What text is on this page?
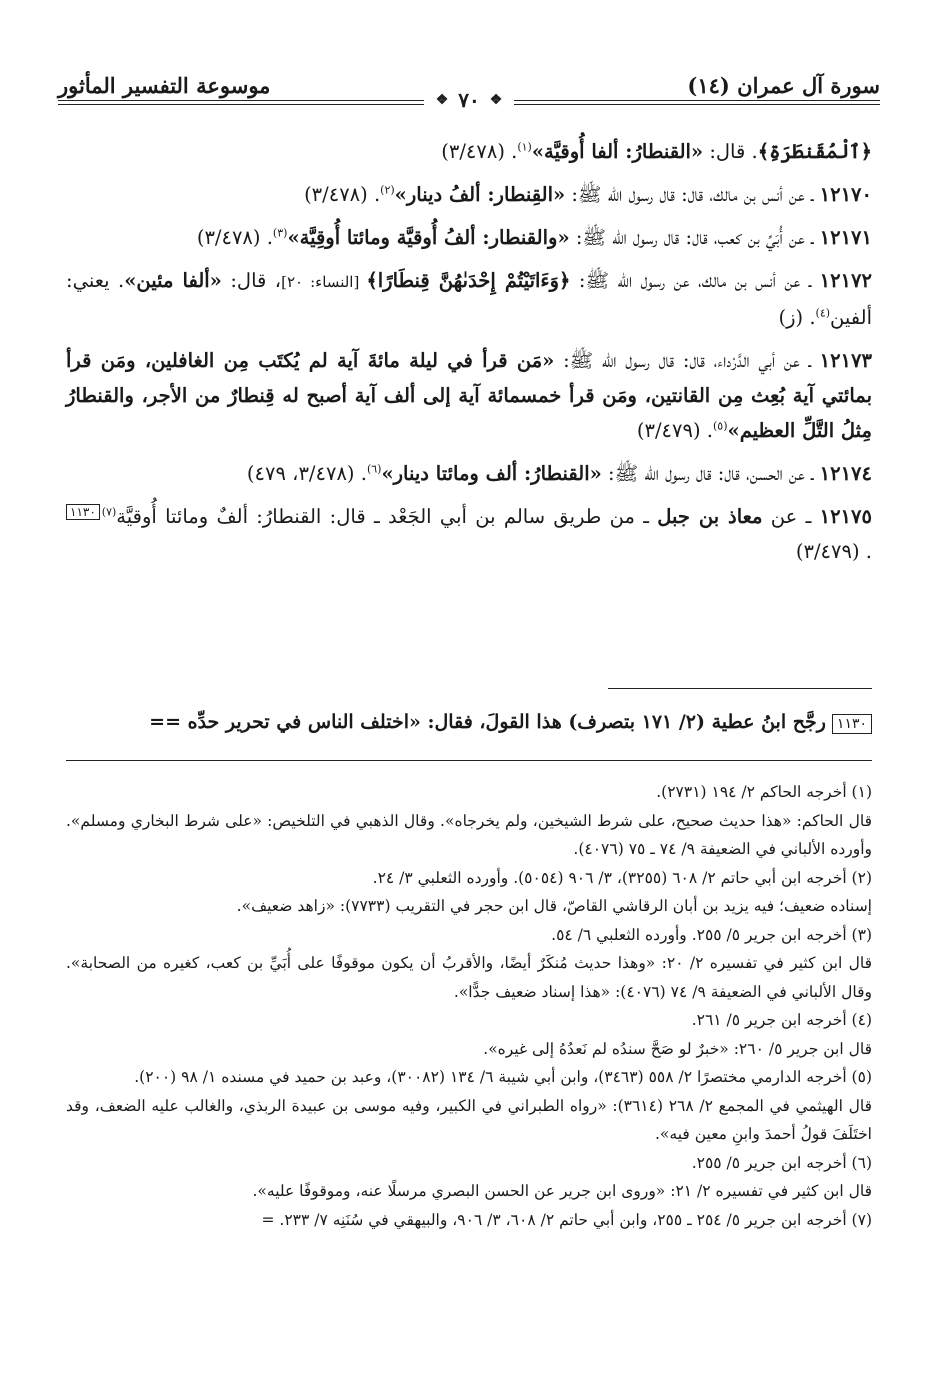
سورة آل عمران (١٤)
موسوعة التفسير المأثور
❖
٧٠
❖

﴿ٱلْمُقَنطَرَةِ﴾. قال: «القنطارُ: ألفا أُوقيَّة»$^{(١)}$. (٣/٤٧٨)

١٢١٧٠ ـ عن أنس بن مالك، قال: قال رسول الله ﷺ: «القِنطار: ألفُ دينار»$^{(٢)}$. (٣/٤٧٨)

١٢١٧١ ـ عن أُبَيِّ بن كعب، قال: قال رسول الله ﷺ: «والقنطار: ألفُ أُوقيَّة ومائتا أُوقِيَّة»$^{(٣)}$. (٣/٤٧٨)

١٢١٧٢ ـ عن أنس بن مالك، عن رسول الله ﷺ: ﴿وَءَاتَيْتُمْ إِحْدَىٰهُنَّ قِنطَارًا﴾ [النساء: ٢٠]، قال: «ألفا مئين». يعني: ألفين$^{(٤)}$. (ز)

١٢١٧٣ ـ عن أبي الدَّرْداء، قال: قال رسول الله ﷺ: «مَن قرأ في ليلة مائةَ آية لم يُكتَب مِن الغافلين، ومَن قرأ بمائتي آية بُعِث مِن القانتين، ومَن قرأ خمسمائة آية إلى ألف آية أصبح له قِنطارٌ من الأجر، والقنطارُ مِثلُ التَّلِّ العظيم»$^{(٥)}$. (٣/٤٧٩)

١٢١٧٤ ـ عن الحسن، قال: قال رسول الله ﷺ: «القنطارُ: ألف ومائتا دينار»$^{(٦)}$. (٣/٤٧٨، ٤٧٩)

١٢١٧٥ ـ عن معاذ بن جبل ـ من طريق سالم بن أبي الجَعْد ـ قال: القنطارُ: ألفٌ ومائتا أُوقيَّة$^{(٧)}$١١٣٠. (٣/٤٧٩)

١١٣٠رجَّح ابنُ عطية (٢/ ١٧١ بتصرف) هذا القولَ، فقال: «اختلف الناس في تحرير حدِّه ==

(١) أخرجه الحاكم ٢/ ١٩٤ (٢٧٣١).

قال الحاكم: «هذا حديث صحيح، على شرط الشيخين، ولم يخرجاه». وقال الذهبي في التلخيص: «على شرط البخاري ومسلم». وأورده الألباني في الضعيفة ٩/ ٧٤ ـ ٧٥ (٤٠٧٦).

(٢) أخرجه ابن أبي حاتم ٢/ ٦٠٨ (٣٢٥٥)، ٣/ ٩٠٦ (٥٠٥٤). وأورده الثعلبي ٣/ ٢٤.

إسناده ضعيف؛ فيه يزيد بن أبان الرقاشي القاصّ، قال ابن حجر في التقريب (٧٧٣٣): «زاهد ضعيف».

(٣) أخرجه ابن جرير ٥/ ٢٥٥. وأورده الثعلبي ٦/ ٥٤.

قال ابن كثير في تفسيره ٢/ ٢٠: «وهذا حديث مُنكَرٌ أيضًا، والأقربُ أن يكون موقوفًا على أُبَيِّ بن كعب، كغيره من الصحابة». وقال الألباني في الضعيفة ٩/ ٧٤ (٤٠٧٦): «هذا إسناد ضعيف جدًّا».

(٤) أخرجه ابن جرير ٥/ ٢٦١.

قال ابن جرير ٥/ ٢٦٠: «خبرٌ لو صَحَّ سندُه لم نَعدُهُ إلى غيره».

(٥) أخرجه الدارمي مختصرًا ٢/ ٥٥٨ (٣٤٦٣)، وابن أبي شيبة ٦/ ١٣٤ (٣٠٠٨٢)، وعبد بن حميد في مسنده ١/ ٩٨ (٢٠٠).

قال الهيثمي في المجمع ٢/ ٢٦٨ (٣٦١٤): «رواه الطبراني في الكبير، وفيه موسى بن عبيدة الربذي، والغالب عليه الضعف، وقد اختَلَفَ قولُ أحمدَ وابنِ معين فيه».

(٦) أخرجه ابن جرير ٥/ ٢٥٥.

قال ابن كثير في تفسيره ٢/ ٢١: «وروى ابن جرير عن الحسن البصري مرسلًا عنه، وموقوفًا عليه».

(٧) أخرجه ابن جرير ٥/ ٢٥٤ ـ ٢٥٥، وابن أبي حاتم ٢/ ٦٠٨، ٣/ ٩٠٦، والبيهقي في سُنَنِه ٧/ ٢٣٣. =
